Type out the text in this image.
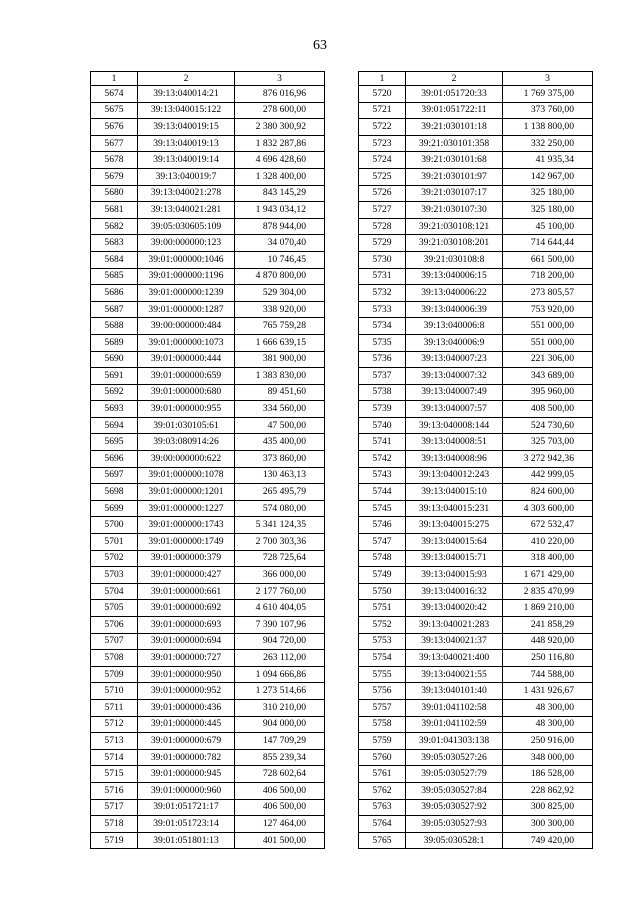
63
1	2	3
5674	39:13:040014:21	876 016,96
5675	39:13:040015:122	278 600,00
5676	39:13:040019:15	2 380 300,92
5677	39:13:040019:13	1 832 287,86
5678	39:13:040019:14	4 696 428,60
5679	39:13:040019:7	1 328 400,00
5680	39:13:040021:278	843 145,29
5681	39:13:040021:281	1 943 034,12
5682	39:05:030605:109	878 944,00
5683	39:00:000000:123	34 070,40
5684	39:01:000000:1046	10 746,45
5685	39:01:000000:1196	4 870 800,00
5686	39:01:000000:1239	529 304,00
5687	39:01:000000:1287	338 920,00
5688	39:00:000000:484	765 759,28
5689	39:01:000000:1073	1 666 639,15
5690	39:01:000000:444	381 900,00
5691	39:01:000000:659	1 383 830,00
5692	39:01:000000:680	89 451,60
5693	39:01:000000:955	334 560,00
5694	39:01:030105:61	47 500,00
5695	39:03:080914:26	435 400,00
5696	39:00:000000:622	373 860,00
5697	39:01:000000:1078	130 463,13
5698	39:01:000000:1201	265 495,79
5699	39:01:000000:1227	574 080,00
5700	39:01:000000:1743	5 341 124,35
5701	39:01:000000:1749	2 700 303,36
5702	39:01:000000:379	728 725,64
5703	39:01:000000:427	366 000,00
5704	39:01:000000:661	2 177 760,00
5705	39:01:000000:692	4 610 404,05
5706	39:01:000000:693	7 390 107,96
5707	39:01:000000:694	904 720,00
5708	39:01:000000:727	263 112,00
5709	39:01:000000:950	1 094 666,86
5710	39:01:000000:952	1 273 514,66
5711	39:01:000000:436	310 210,00
5712	39:01:000000:445	904 000,00
5713	39:01:000000:679	147 709,29
5714	39:01:000000:782	855 239,34
5715	39:01:000000:945	728 602,64
5716	39:01:000000:960	406 500,00
5717	39:01:051721:17	406 500,00
5718	39:01:051723:14	127 464,00
5719	39:01:051801:13	401 500,00
1	2	3
5720	39:01:051720:33	1 769 375,00
5721	39:01:051722:11	373 760,00
5722	39:21:030101:18	1 138 800,00
5723	39:21:030101:358	332 250,00
5724	39:21:030101:68	41 935,34
5725	39:21:030101:97	142 967,00
5726	39:21:030107:17	325 180,00
5727	39:21:030107:30	325 180,00
5728	39:21:030108:121	45 100,00
5729	39:21:030108:201	714 644,44
5730	39:21:030108:8	661 500,00
5731	39:13:040006:15	718 200,00
5732	39:13:040006:22	273 805,57
5733	39:13:040006:39	753 920,00
5734	39:13:040006:8	551 000,00
5735	39:13:040006:9	551 000,00
5736	39:13:040007:23	221 306,00
5737	39:13:040007:32	343 689,00
5738	39:13:040007:49	395 960,00
5739	39:13:040007:57	408 500,00
5740	39:13:040008:144	524 730,60
5741	39:13:040008:51	325 703,00
5742	39:13:040008:96	3 272 942,36
5743	39:13:040012:243	442 999,05
5744	39:13:040015:10	824 600,00
5745	39:13:040015:231	4 303 600,00
5746	39:13:040015:275	672 532,47
5747	39:13:040015:64	410 220,00
5748	39:13:040015:71	318 400,00
5749	39:13:040015:93	1 671 429,00
5750	39:13:040016:32	2 835 470,99
5751	39:13:040020:42	1 869 210,00
5752	39:13:040021:283	241 858,29
5753	39:13:040021:37	448 920,00
5754	39:13:040021:400	250 116,80
5755	39:13:040021:55	744 588,00
5756	39:13:040101:40	1 431 926,67
5757	39:01:041102:58	48 300,00
5758	39:01:041102:59	48 300,00
5759	39:01:041303:138	250 916,00
5760	39:05:030527:26	348 000,00
5761	39:05:030527:79	186 528,00
5762	39:05:030527:84	228 862,92
5763	39:05:030527:92	300 825,00
5764	39:05:030527:93	300 300,00
5765	39:05:030528:1	749 420,00
